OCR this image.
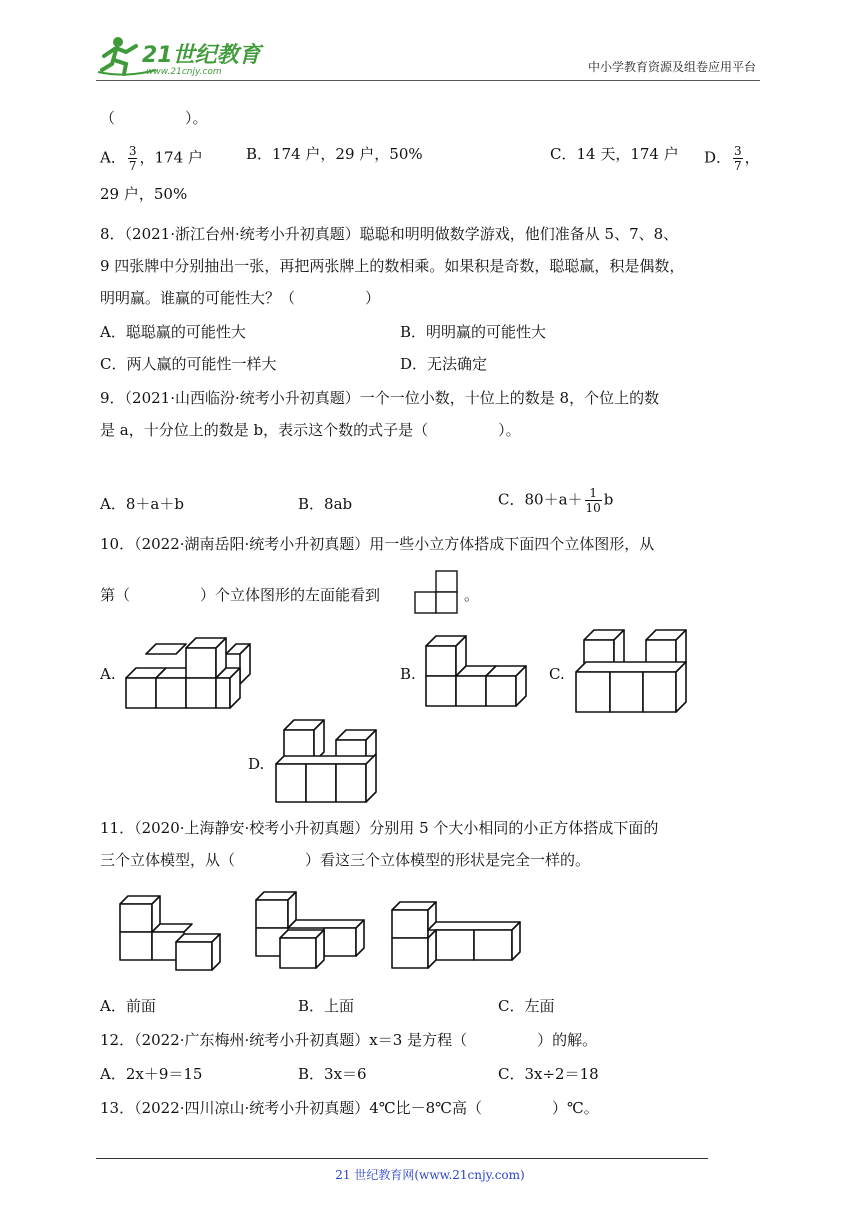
21世纪教育
www.21cnjy.com	中小学教育资源及组卷应用平台
（	）。
A． $\frac{3}{7}$ ，174 户	B．174 户，29 户，50%	C．14 天，174 户 D． $\frac{3}{7}$ ，
29 户，50%
8．（2021·浙江台州·统考小升初真题）聪聪和明明做数学游戏，他们准备从 5、7、8、
9 四张牌中分别抽出一张，再把两张牌上的数相乘。如果积是奇数，聪聪赢，积是偶数，
明明赢。谁赢的可能性大？（	）
A．聪聪赢的可能性大	B．明明赢的可能性大
C．两人赢的可能性一样大	D．无法确定
9．（2021·山西临汾·统考小升初真题）一个一位小数，十位上的数是 8，个位上的数
是 a，十分位上的数是 b，表示这个数的式子是（	）。
A．8＋a＋b	B．8ab	C．$80+a+ \frac{1}{10}$ b
10．（2022·湖南岳阳·统考小升初真题）用一些小立方体搭成下面四个立体图形，从
第（	）个立体图形的左面能看到	。
A.	B.	C.
D.
11．（2020·上海静安·校考小升初真题）分别用 5 个大小相同的小正方体搭成下面的
三个立体模型，从（	）看这三个立体模型的形状是完全一样的。
A．前面	B．上面	C．左面
12．（2022·广东梅州·统考小升初真题）x＝3 是方程（	）的解。
A．2x＋9＝15	B．3x＝6	C．3x÷2＝18
13．（2022·四川凉山·统考小升初真题）4℃比－8℃高（	）℃。
21 世纪教育网(www.21cnjy.com)
